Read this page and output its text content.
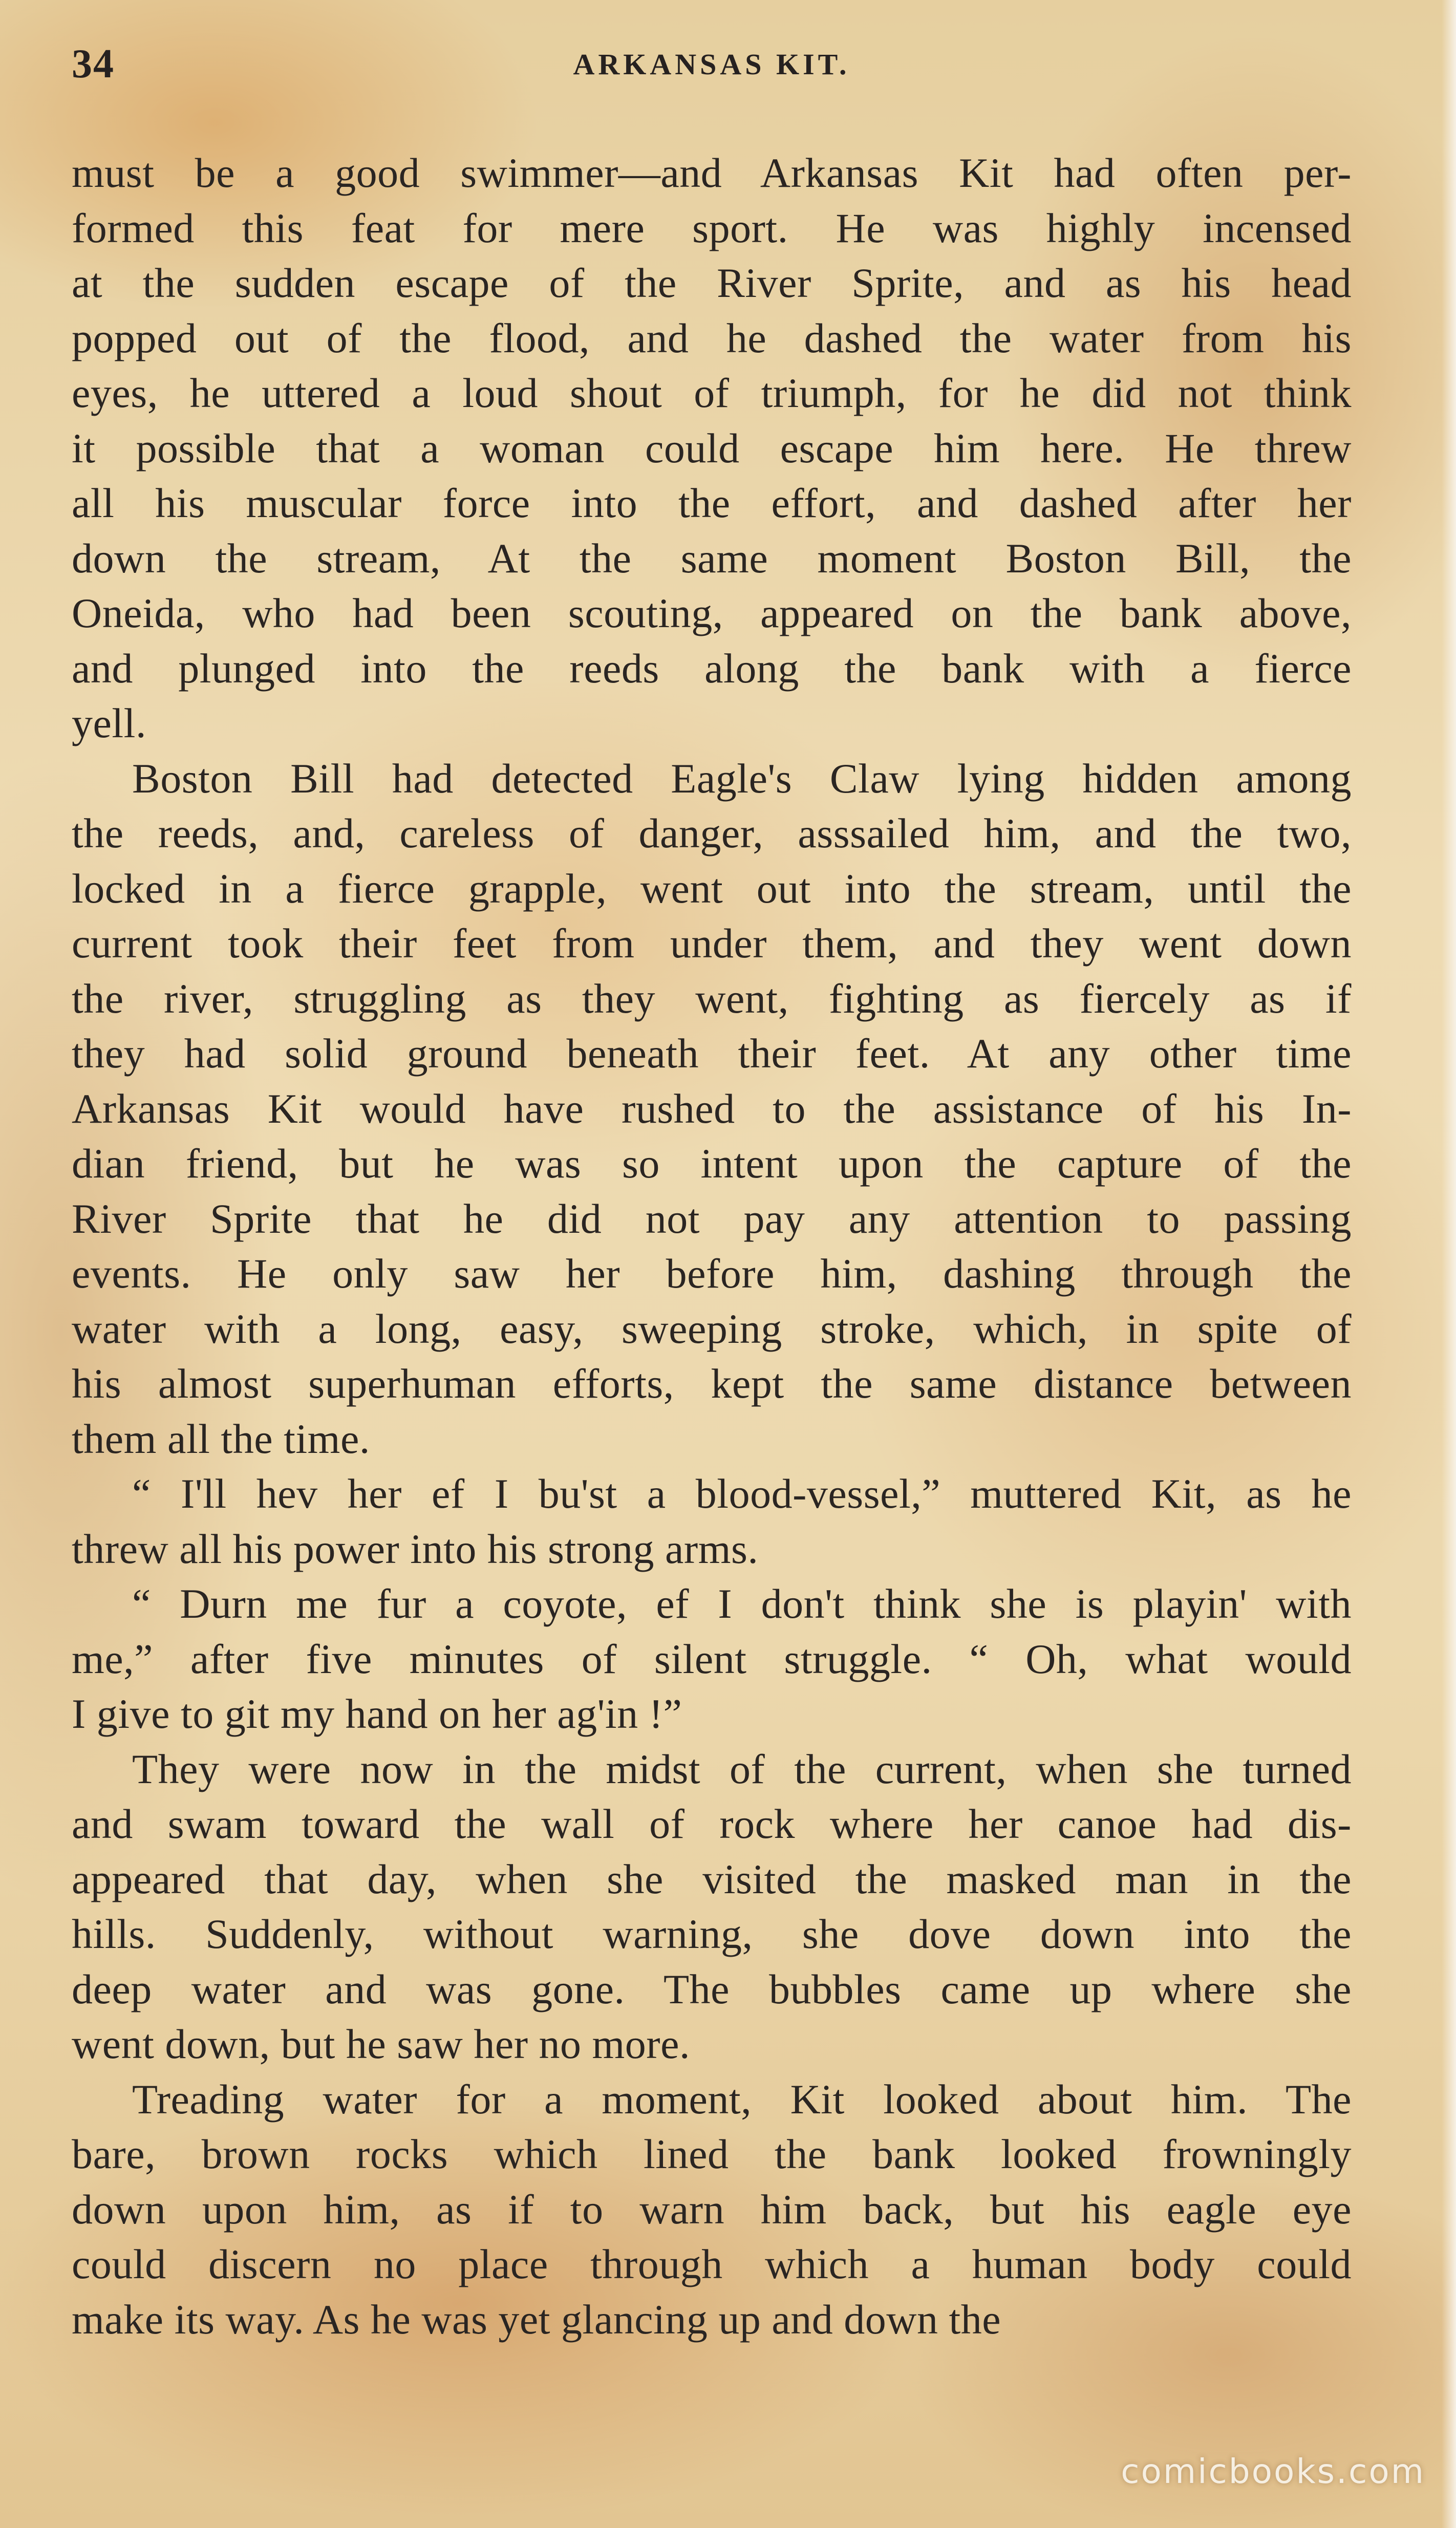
34	ARKANSAS KIT.
must be a good swimmer—and Arkansas Kit had often per-
formed this feat for mere sport. He was highly incensed
at the sudden escape of the River Sprite, and as his head
popped out of the flood, and he dashed the water from his
eyes, he uttered a loud shout of triumph, for he did not think
it possible that a woman could escape him here. He threw
all his muscular force into the effort, and dashed after her
down the stream, At the same moment Boston Bill, the
Oneida, who had been scouting, appeared on the bank above,
and plunged into the reeds along the bank with a fierce
yell.
Boston Bill had detected Eagle's Claw lying hidden among
the reeds, and, careless of danger, asssailed him, and the two,
locked in a fierce grapple, went out into the stream, until the
current took their feet from under them, and they went down
the river, struggling as they went, fighting as fiercely as if
they had solid ground beneath their feet. At any other time
Arkansas Kit would have rushed to the assistance of his In-
dian friend, but he was so intent upon the capture of the
River Sprite that he did not pay any attention to passing
events. He only saw her before him, dashing through the
water with a long, easy, sweeping stroke, which, in spite of
his almost superhuman efforts, kept the same distance between
them all the time.
“ I'll hev her ef I bu'st a blood-vessel,” muttered Kit, as he
threw all his power into his strong arms.
“ Durn me fur a coyote, ef I don't think she is playin' with
me,” after five minutes of silent struggle. “ Oh, what would
I give to git my hand on her ag'in !”
They were now in the midst of the current, when she turned
and swam toward the wall of rock where her canoe had dis-
appeared that day, when she visited the masked man in the
hills. Suddenly, without warning, she dove down into the
deep water and was gone. The bubbles came up where she
went down, but he saw her no more.
Treading water for a moment, Kit looked about him. The
bare, brown rocks which lined the bank looked frowningly
down upon him, as if to warn him back, but his eagle eye
could discern no place through which a human body could
make its way. As he was yet glancing up and down the
comicbooks.com
